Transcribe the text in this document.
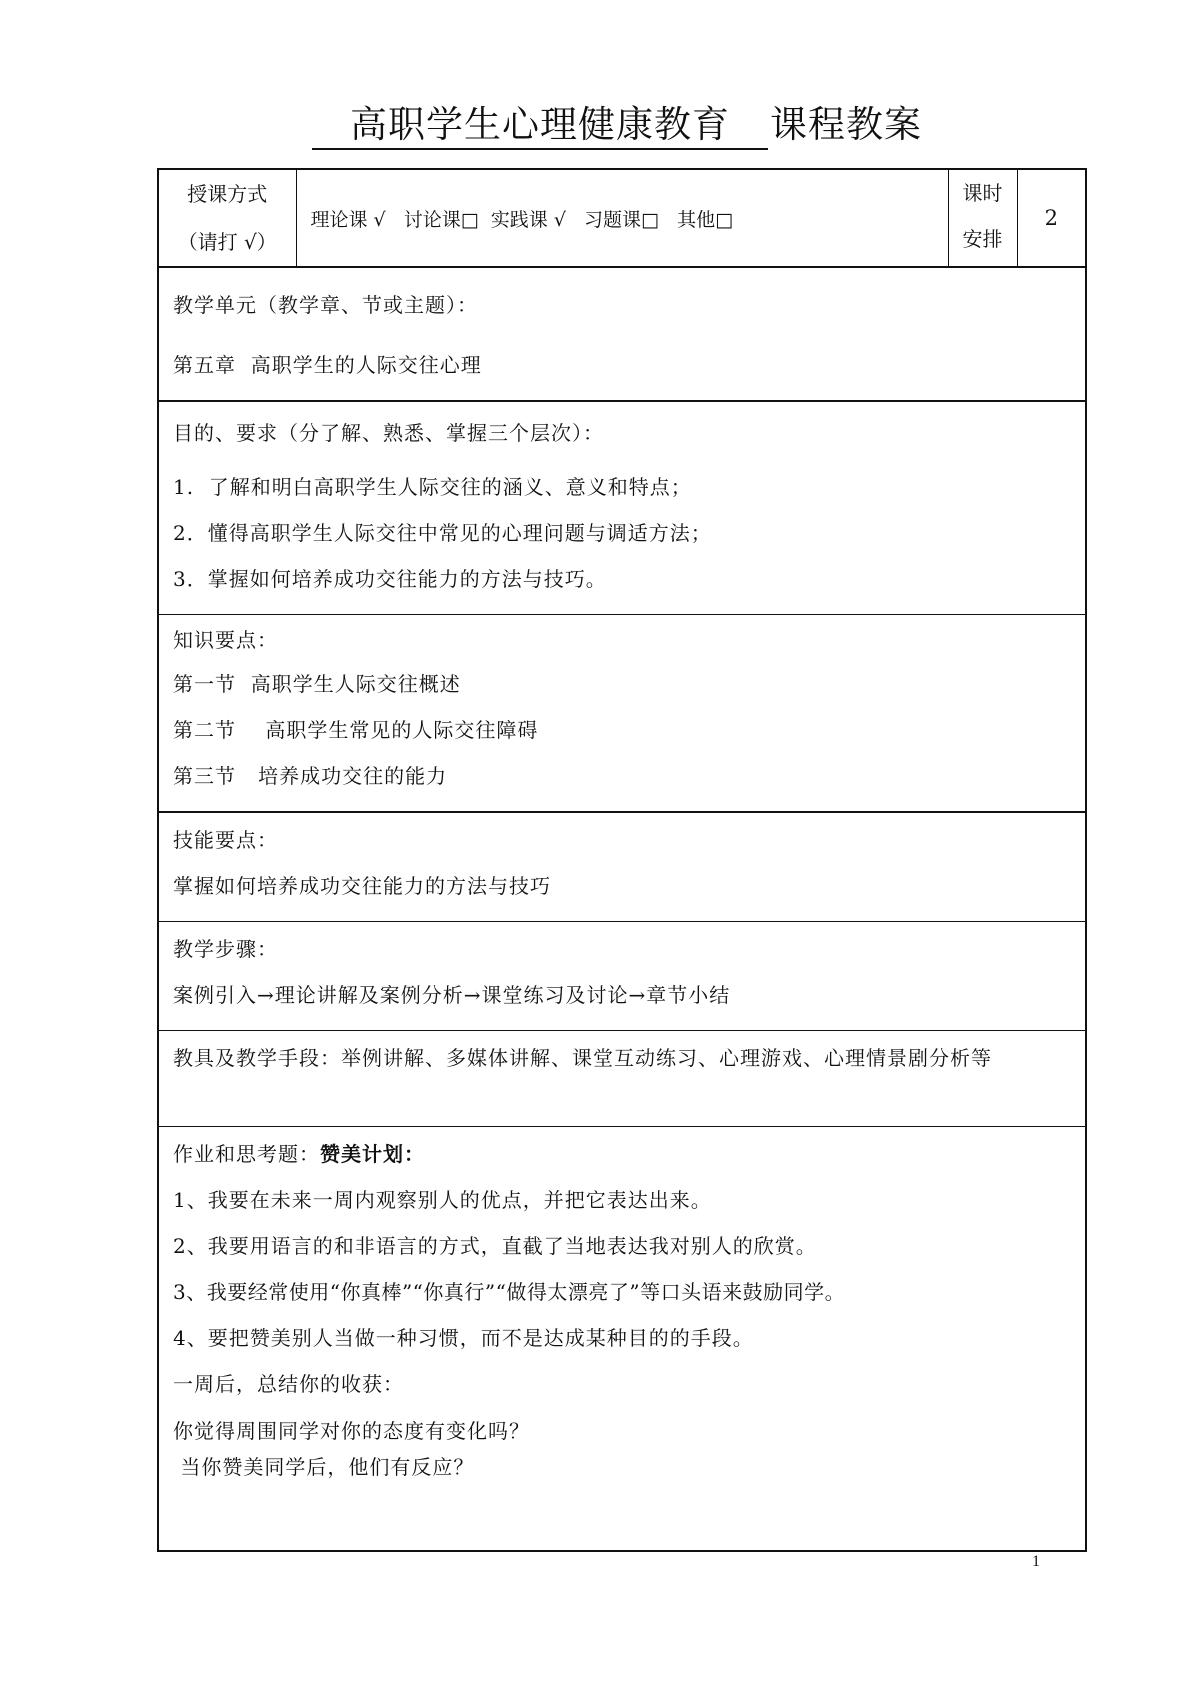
高职学生心理健康教育 课程教案
授课方式
（请打 √）
	理论课 √   讨论课□  实践课 √   习题课□   其他□	
课时
安排
	2

教学单元（教学章、节或主题）：
第五章  高职学生的人际交往心理

目的、要求（分了解、熟悉、掌握三个层次）：
1.  了解和明白高职学生人际交往的涵义、意义和特点；
2．懂得高职学生人际交往中常见的心理问题与调适方法；
3．掌握如何培养成功交往能力的方法与技巧。

知识要点：
第一节  高职学生人际交往概述
第二节    高职学生常见的人际交往障碍
第三节   培养成功交往的能力

技能要点：
掌握如何培养成功交往能力的方法与技巧

教学步骤：
案例引入→理论讲解及案例分析→课堂练习及讨论→章节小结

教具及教学手段：举例讲解、多媒体讲解、课堂互动练习、心理游戏、心理情景剧分析等

作业和思考题：赞美计划：
1、我要在未来一周内观察别人的优点，并把它表达出来。
2、我要用语言的和非语言的方式，直截了当地表达我对别人的欣赏。
3、我要经常使用“你真棒”“你真行”“做得太漂亮了”等口头语来鼓励同学。
4、要把赞美别人当做一种习惯，而不是达成某种目的的手段。
一周后，总结你的收获：
你觉得周围同学对你的态度有变化吗？
当你赞美同学后，他们有反应？
1
